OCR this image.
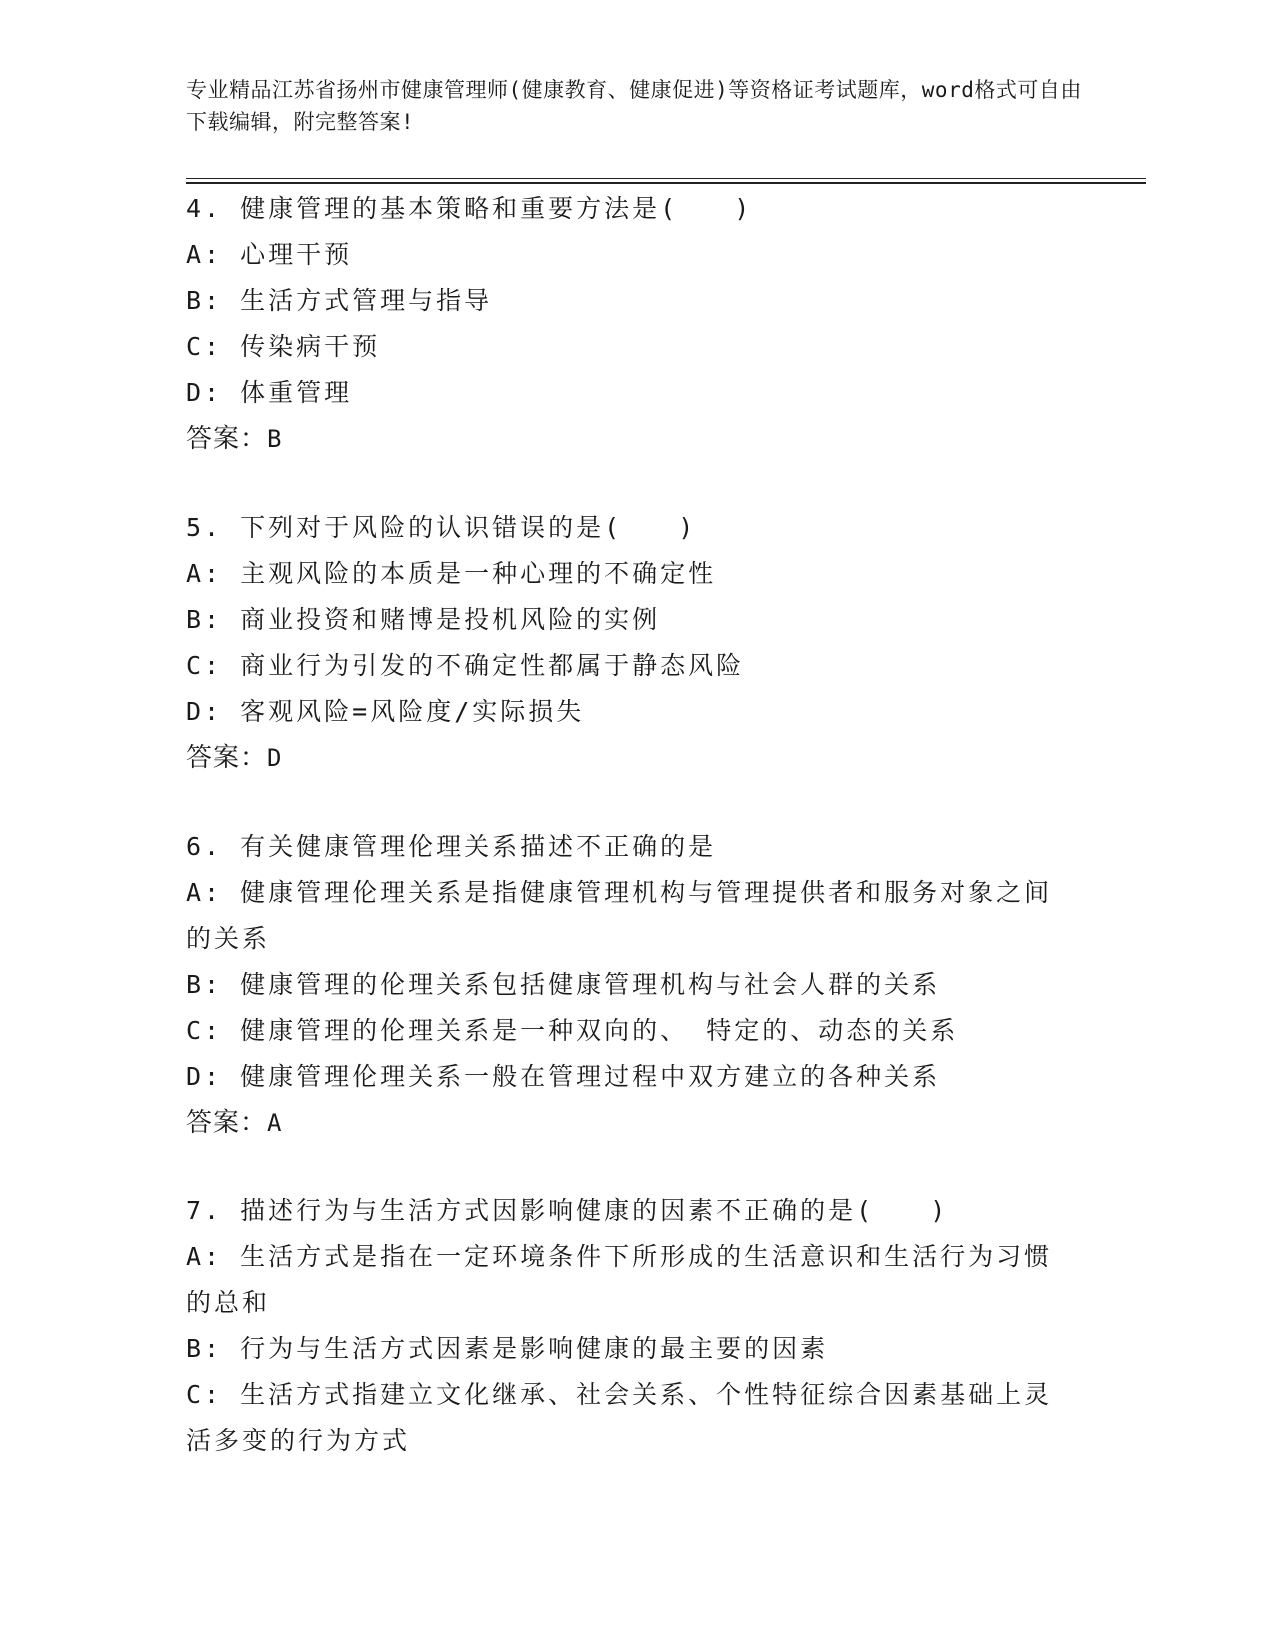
专业精品江苏省扬州市健康管理师(健康教育、健康促进)等资格证考试题库，word格式可自由下载编辑，附完整答案!
4. 健康管理的基本策略和重要方法是(　　)
A: 心理干预
B: 生活方式管理与指导
C: 传染病干预
D: 体重管理
答案：B
5. 下列对于风险的认识错误的是(　　)
A: 主观风险的本质是一种心理的不确定性
B: 商业投资和赌博是投机风险的实例
C: 商业行为引发的不确定性都属于静态风险
D: 客观风险=风险度/实际损失
答案：D
6. 有关健康管理伦理关系描述不正确的是
A: 健康管理伦理关系是指健康管理机构与管理提供者和服务对象之间的关系
B: 健康管理的伦理关系包括健康管理机构与社会人群的关系
C: 健康管理的伦理关系是一种双向的、 特定的、动态的关系
D: 健康管理伦理关系一般在管理过程中双方建立的各种关系
答案：A
7. 描述行为与生活方式因影响健康的因素不正确的是(　　)
A: 生活方式是指在一定环境条件下所形成的生活意识和生活行为习惯的总和
B: 行为与生活方式因素是影响健康的最主要的因素
C: 生活方式指建立文化继承、社会关系、个性特征综合因素基础上灵活多变的行为方式
